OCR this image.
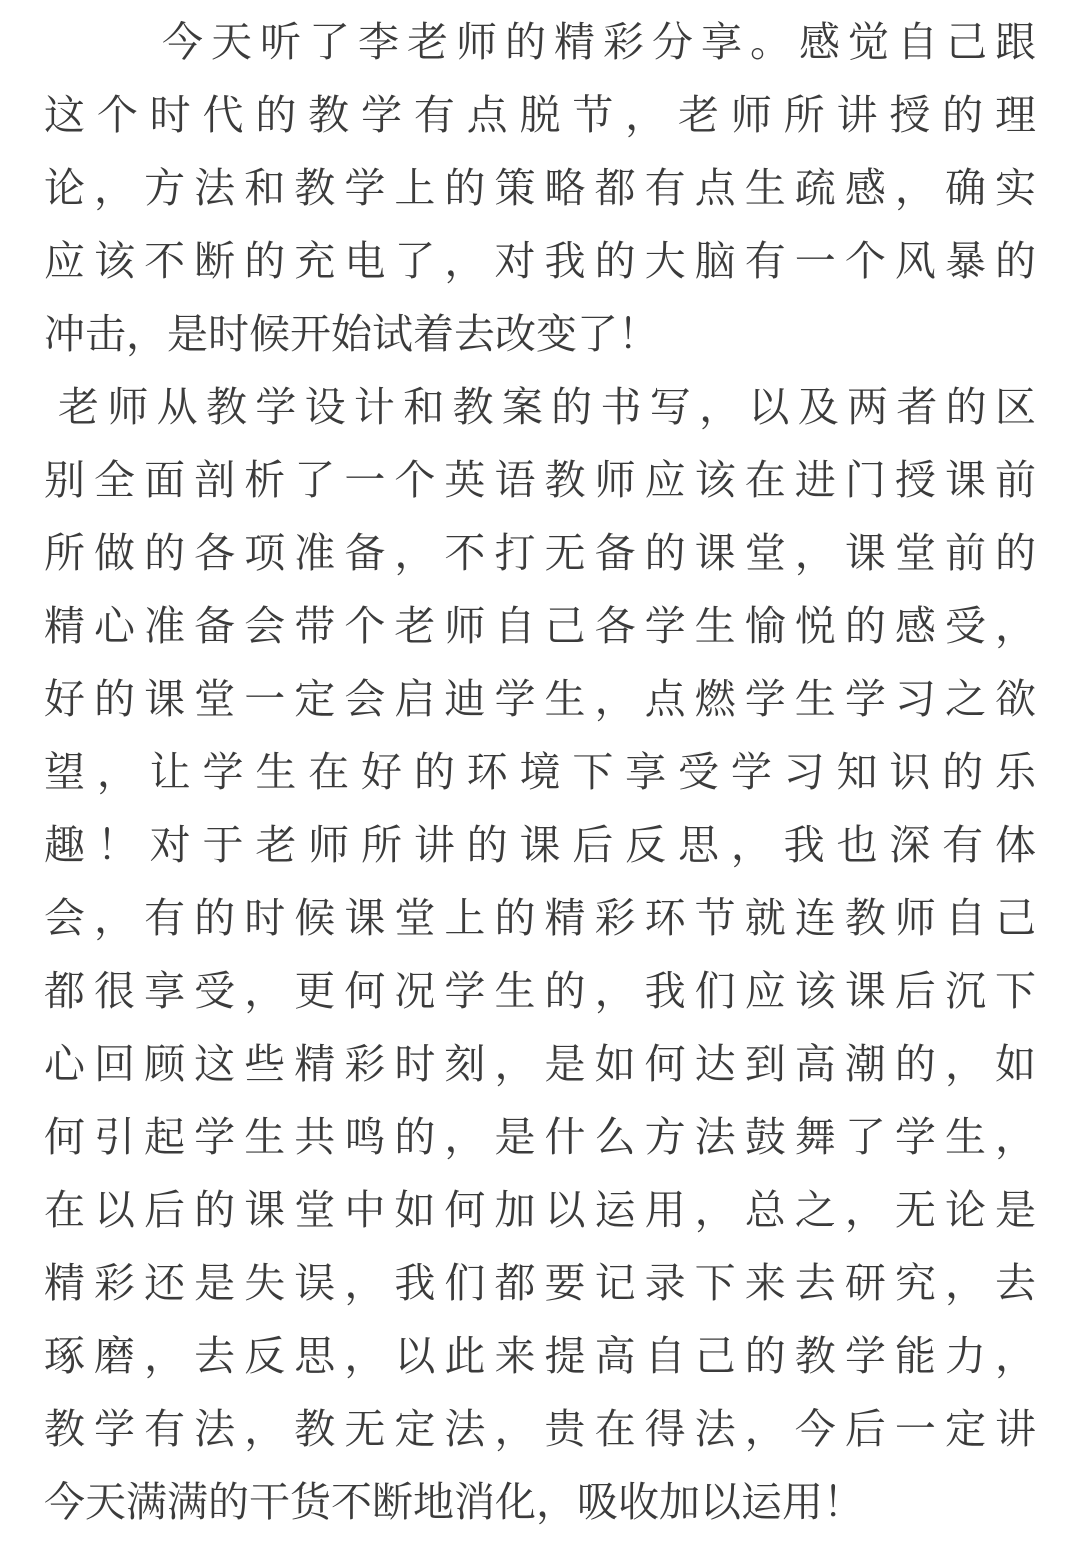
今天听了李老师的精彩分享。感觉自己跟
这个时代的教学有点脱节，老师所讲授的理
论，方法和教学上的策略都有点生疏感，确实
应该不断的充电了，对我的大脑有一个风暴的
冲击，是时候开始试着去改变了！
老师从教学设计和教案的书写，以及两者的区
别全面剖析了一个英语教师应该在进门授课前
所做的各项准备，不打无备的课堂，课堂前的
精心准备会带个老师自己各学生愉悦的感受，
好的课堂一定会启迪学生，点燃学生学习之欲
望，让学生在好的环境下享受学习知识的乐
趣！对于老师所讲的课后反思，我也深有体
会，有的时候课堂上的精彩环节就连教师自己
都很享受，更何况学生的，我们应该课后沉下
心回顾这些精彩时刻，是如何达到高潮的，如
何引起学生共鸣的，是什么方法鼓舞了学生，
在以后的课堂中如何加以运用，总之，无论是
精彩还是失误，我们都要记录下来去研究，去
琢磨，去反思，以此来提高自己的教学能力，
教学有法，教无定法，贵在得法，今后一定讲
今天满满的干货不断地消化，吸收加以运用！
